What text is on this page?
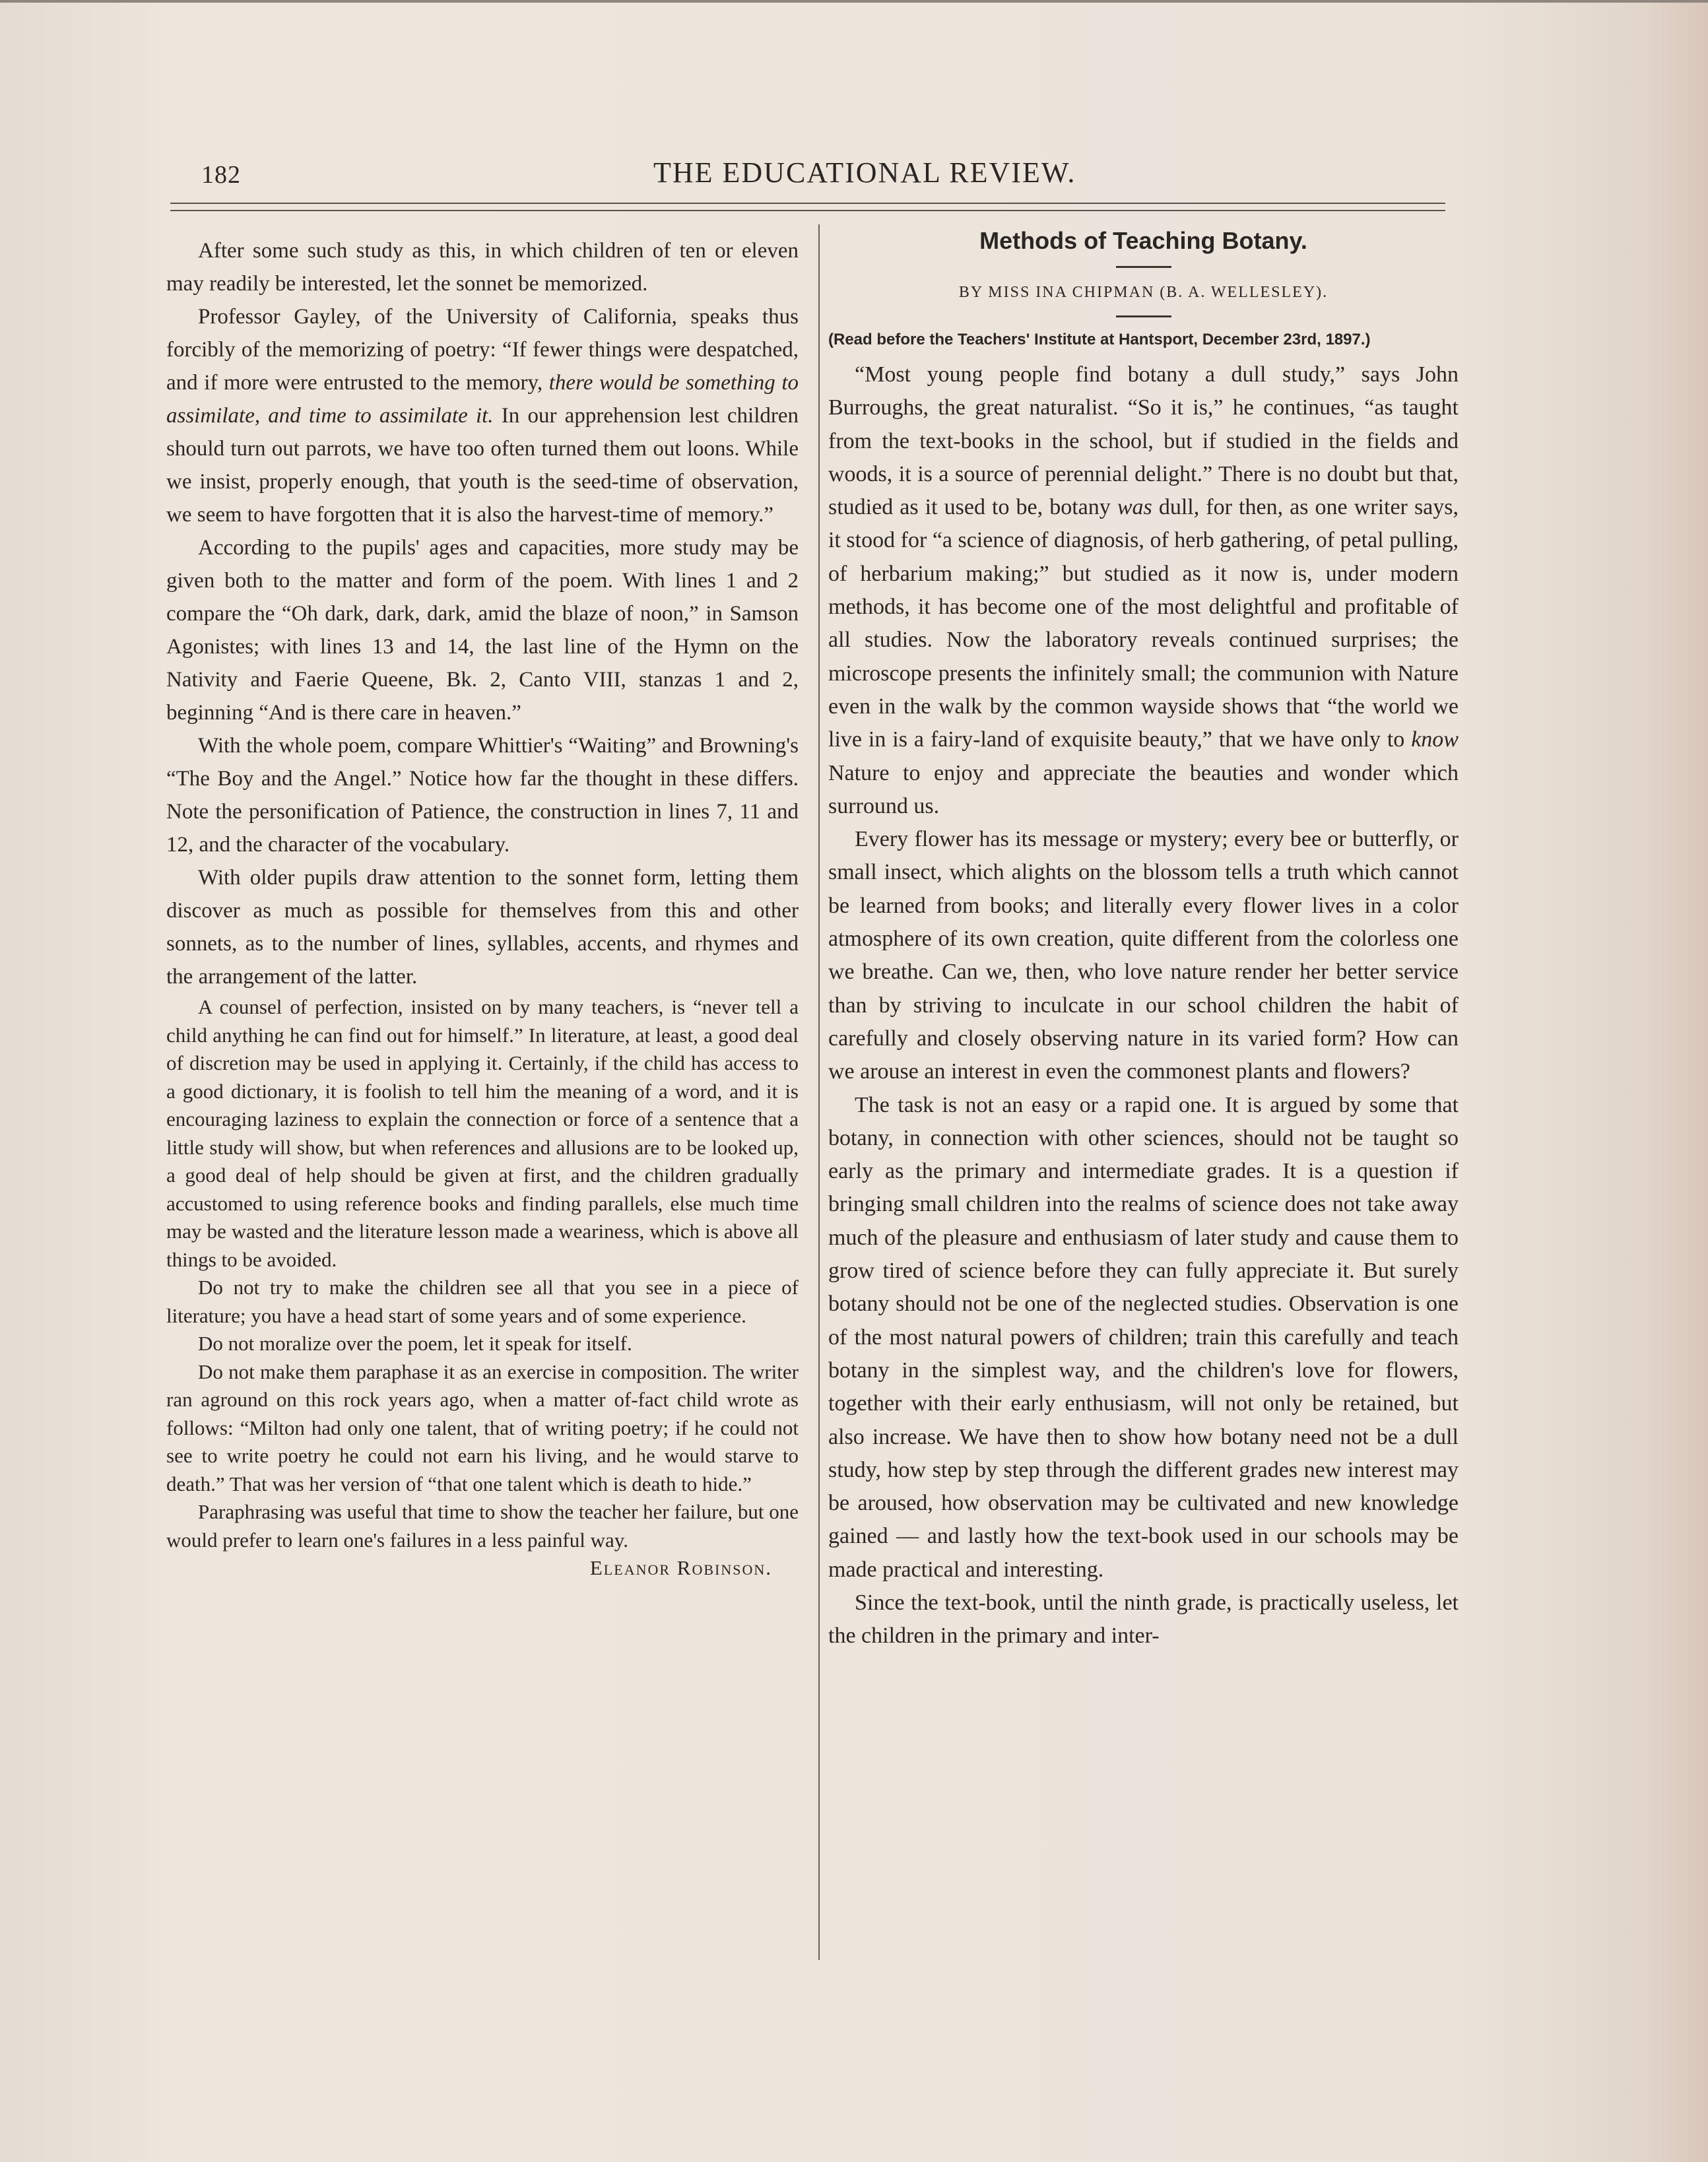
182	THE EDUCATIONAL REVIEW.

After some such study as this, in which children of ten or eleven may readily be interested, let the sonnet be memorized.

Professor Gayley, of the University of California, speaks thus forcibly of the memorizing of poetry: “If fewer things were despatched, and if more were entrusted to the memory, there would be something to assimilate, and time to assimilate it. In our apprehension lest children should turn out parrots, we have too often turned them out loons. While we insist, properly enough, that youth is the seed-time of observation, we seem to have forgotten that it is also the harvest-time of memory.”

According to the pupils' ages and capacities, more study may be given both to the matter and form of the poem. With lines 1 and 2 compare the “Oh dark, dark, dark, amid the blaze of noon,” in Samson Agonistes; with lines 13 and 14, the last line of the Hymn on the Nativity and Faerie Queene, Bk. 2, Canto VIII, stanzas 1 and 2, beginning “And is there care in heaven.”

With the whole poem, compare Whittier's “Waiting” and Browning's “The Boy and the Angel.” Notice how far the thought in these differs. Note the personification of Patience, the construction in lines 7, 11 and 12, and the character of the vocabulary.

With older pupils draw attention to the sonnet form, letting them discover as much as possible for themselves from this and other sonnets, as to the number of lines, syllables, accents, and rhymes and the arrangement of the latter.

A counsel of perfection, insisted on by many teachers, is “never tell a child anything he can find out for himself.” In literature, at least, a good deal of discretion may be used in applying it. Certainly, if the child has access to a good dictionary, it is foolish to tell him the meaning of a word, and it is encouraging laziness to explain the connection or force of a sentence that a little study will show, but when references and allusions are to be looked up, a good deal of help should be given at first, and the children gradually accustomed to using reference books and finding parallels, else much time may be wasted and the literature lesson made a weariness, which is above all things to be avoided.

Do not try to make the children see all that you see in a piece of literature; you have a head start of some years and of some experience.

Do not moralize over the poem, let it speak for itself.

Do not make them paraphase it as an exercise in composition. The writer ran aground on this rock years ago, when a matter of-fact child wrote as follows: “Milton had only one talent, that of writing poetry; if he could not see to write poetry he could not earn his living, and he would starve to death.” That was her version of “that one talent which is death to hide.”

Paraphrasing was useful that time to show the teacher her failure, but one would prefer to learn one's failures in a less painful way.
Eleanor Robinson.

Methods of Teaching Botany.
BY MISS INA CHIPMAN (B. A. WELLESLEY).
(Read before the Teachers' Institute at Hantsport, December 23rd, 1897.)

“Most young people find botany a dull study,” says John Burroughs, the great naturalist. “So it is,” he continues, “as taught from the text-books in the school, but if studied in the fields and woods, it is a source of perennial delight.” There is no doubt but that, studied as it used to be, botany was dull, for then, as one writer says, it stood for “a science of diagnosis, of herb gathering, of petal pulling, of herbarium making;” but studied as it now is, under modern methods, it has become one of the most delightful and profitable of all studies. Now the laboratory reveals continued surprises; the microscope presents the infinitely small; the communion with Nature even in the walk by the common wayside shows that “the world we live in is a fairy-land of exquisite beauty,” that we have only to know Nature to enjoy and appreciate the beauties and wonder which surround us.

Every flower has its message or mystery; every bee or butterfly, or small insect, which alights on the blossom tells a truth which cannot be learned from books; and literally every flower lives in a color atmosphere of its own creation, quite different from the colorless one we breathe. Can we, then, who love nature render her better service than by striving to inculcate in our school children the habit of carefully and closely observing nature in its varied form? How can we arouse an interest in even the commonest plants and flowers?

The task is not an easy or a rapid one. It is argued by some that botany, in connection with other sciences, should not be taught so early as the primary and intermediate grades. It is a question if bringing small children into the realms of science does not take away much of the pleasure and enthusiasm of later study and cause them to grow tired of science before they can fully appreciate it. But surely botany should not be one of the neglected studies. Observation is one of the most natural powers of children; train this carefully and teach botany in the simplest way, and the children's love for flowers, together with their early enthusiasm, will not only be retained, but also increase. We have then to show how botany need not be a dull study, how step by step through the different grades new interest may be aroused, how observation may be cultivated and new knowledge gained — and lastly how the text-book used in our schools may be made practical and interesting.

Since the text-book, until the ninth grade, is practically useless, let the children in the primary and inter-
